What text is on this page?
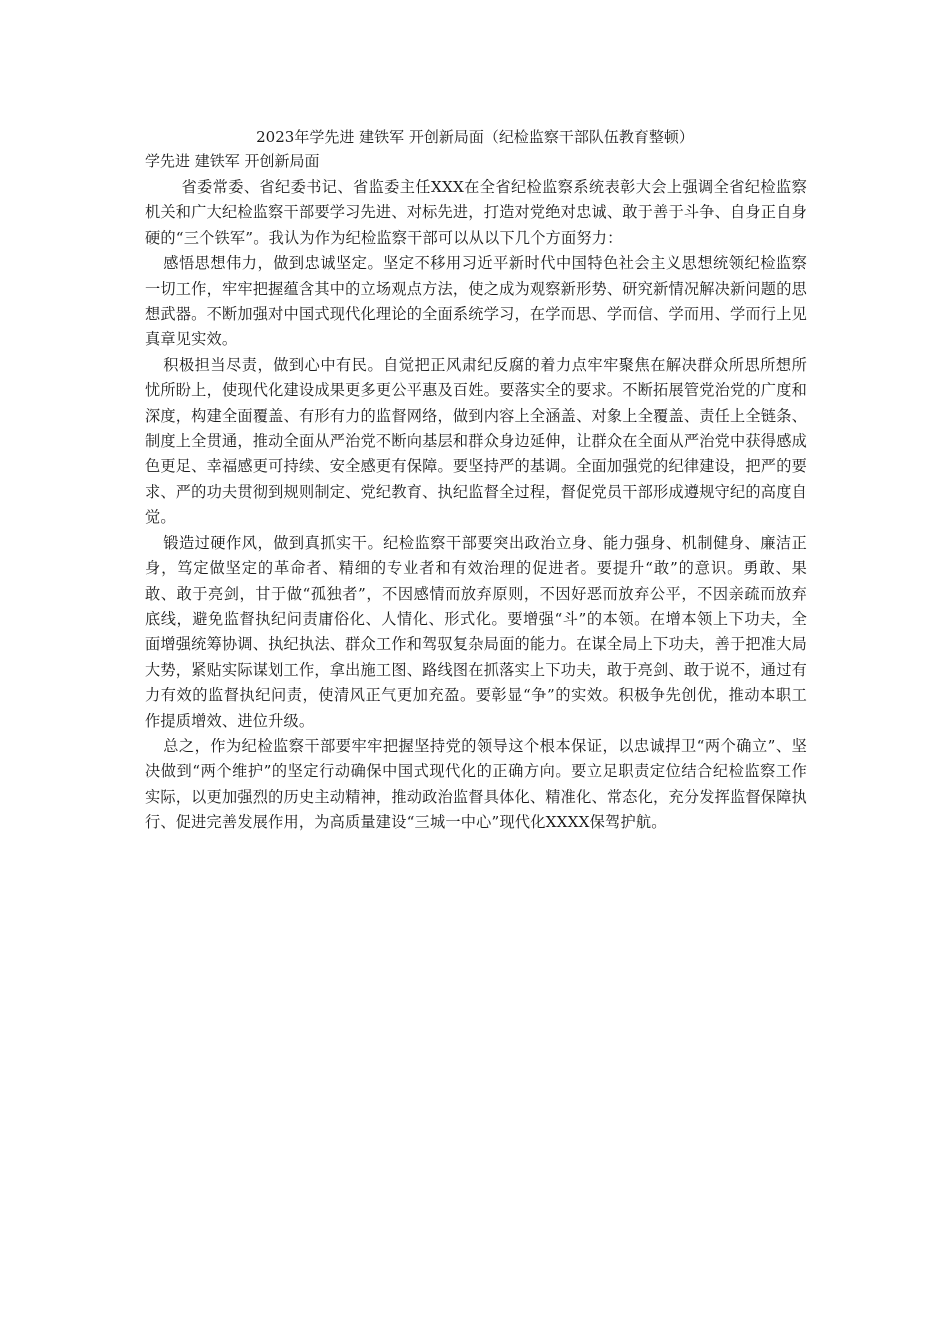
2023年学先进 建铁军 开创新局面（纪检监察干部队伍教育整顿）
学先进 建铁军 开创新局面

省委常委、省纪委书记、省监委主任XXX在全省纪检监察系统表彰大会上强调全省纪检监察机关和广大纪检监察干部要学习先进、对标先进，打造对党绝对忠诚、敢于善于斗争、自身正自身硬的“三个铁军”。我认为作为纪检监察干部可以从以下几个方面努力：

感悟思想伟力，做到忠诚坚定。坚定不移用习近平新时代中国特色社会主义思想统领纪检监察一切工作，牢牢把握蕴含其中的立场观点方法，使之成为观察新形势、研究新情况解决新问题的思想武器。不断加强对中国式现代化理论的全面系统学习，在学而思、学而信、学而用、学而行上见真章见实效。

积极担当尽责，做到心中有民。自觉把正风肃纪反腐的着力点牢牢聚焦在解决群众所思所想所忧所盼上，使现代化建设成果更多更公平惠及百姓。要落实全的要求。不断拓展管党治党的广度和深度，构建全面覆盖、有形有力的监督网络，做到内容上全涵盖、对象上全覆盖、责任上全链条、制度上全贯通，推动全面从严治党不断向基层和群众身边延伸，让群众在全面从严治党中获得感成色更足、幸福感更可持续、安全感更有保障。要坚持严的基调。全面加强党的纪律建设，把严的要求、严的功夫贯彻到规则制定、党纪教育、执纪监督全过程，督促党员干部形成遵规守纪的高度自觉。

锻造过硬作风，做到真抓实干。纪检监察干部要突出政治立身、能力强身、机制健身、廉洁正身，笃定做坚定的革命者、精细的专业者和有效治理的促进者。要提升“敢”的意识。勇敢、果敢、敢于亮剑，甘于做“孤独者”，不因感情而放弃原则，不因好恶而放弃公平，不因亲疏而放弃底线，避免监督执纪问责庸俗化、人情化、形式化。要增强“斗”的本领。在增本领上下功夫，全面增强统筹协调、执纪执法、群众工作和驾驭复杂局面的能力。在谋全局上下功夫，善于把准大局大势，紧贴实际谋划工作，拿出施工图、路线图在抓落实上下功夫，敢于亮剑、敢于说不，通过有力有效的监督执纪问责，使清风正气更加充盈。要彰显“争”的实效。积极争先创优，推动本职工作提质增效、进位升级。

总之，作为纪检监察干部要牢牢把握坚持党的领导这个根本保证，以忠诚捍卫“两个确立”、坚决做到“两个维护”的坚定行动确保中国式现代化的正确方向。要立足职责定位结合纪检监察工作实际，以更加强烈的历史主动精神，推动政治监督具体化、精准化、常态化，充分发挥监督保障执行、促进完善发展作用，为高质量建设“三城一中心”现代化XXXX保驾护航。
